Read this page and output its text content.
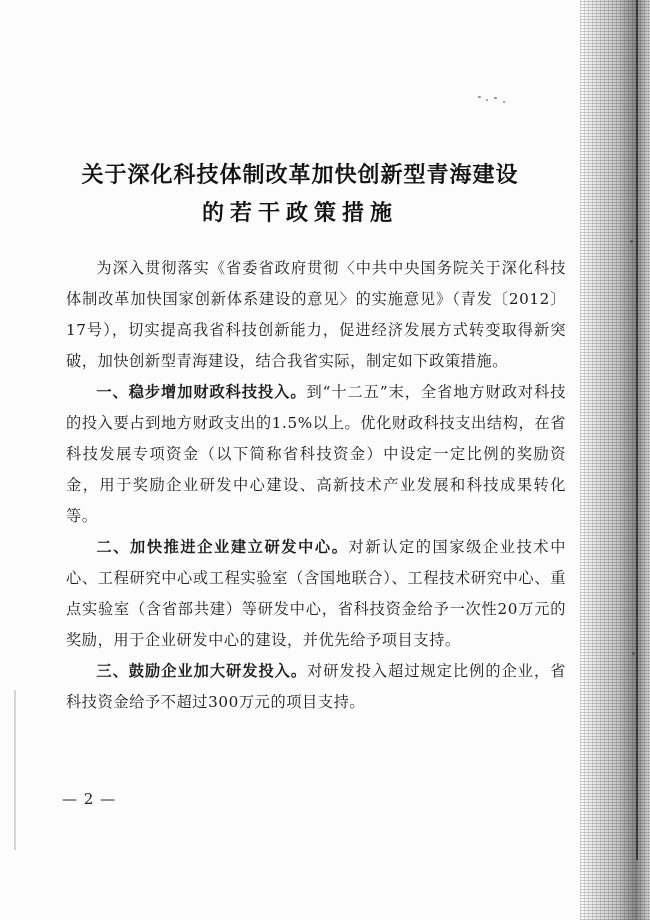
关于深化科技体制改革加快创新型青海建设
的若干政策措施

为深入贯彻落实《省委省政府贯彻〈中共中央国务院关于深化科技体制改革加快国家创新体系建设的意见〉的实施意见》（青发〔2012〕17号），切实提高我省科技创新能力，促进经济发展方式转变取得新突破，加快创新型青海建设，结合我省实际，制定如下政策措施。

一、稳步增加财政科技投入。到“十二五”末，全省地方财政对科技的投入要占到地方财政支出的1.5%以上。优化财政科技支出结构，在省科技发展专项资金（以下简称省科技资金）中设定一定比例的奖励资金，用于奖励企业研发中心建设、高新技术产业发展和科技成果转化等。

二、加快推进企业建立研发中心。对新认定的国家级企业技术中心、工程研究中心或工程实验室（含国地联合）、工程技术研究中心、重点实验室（含省部共建）等研发中心，省科技资金给予一次性20万元的奖励，用于企业研发中心的建设，并优先给予项目支持。

三、鼓励企业加大研发投入。对研发投入超过规定比例的企业，省科技资金给予不超过300万元的项目支持。

— 2 —
